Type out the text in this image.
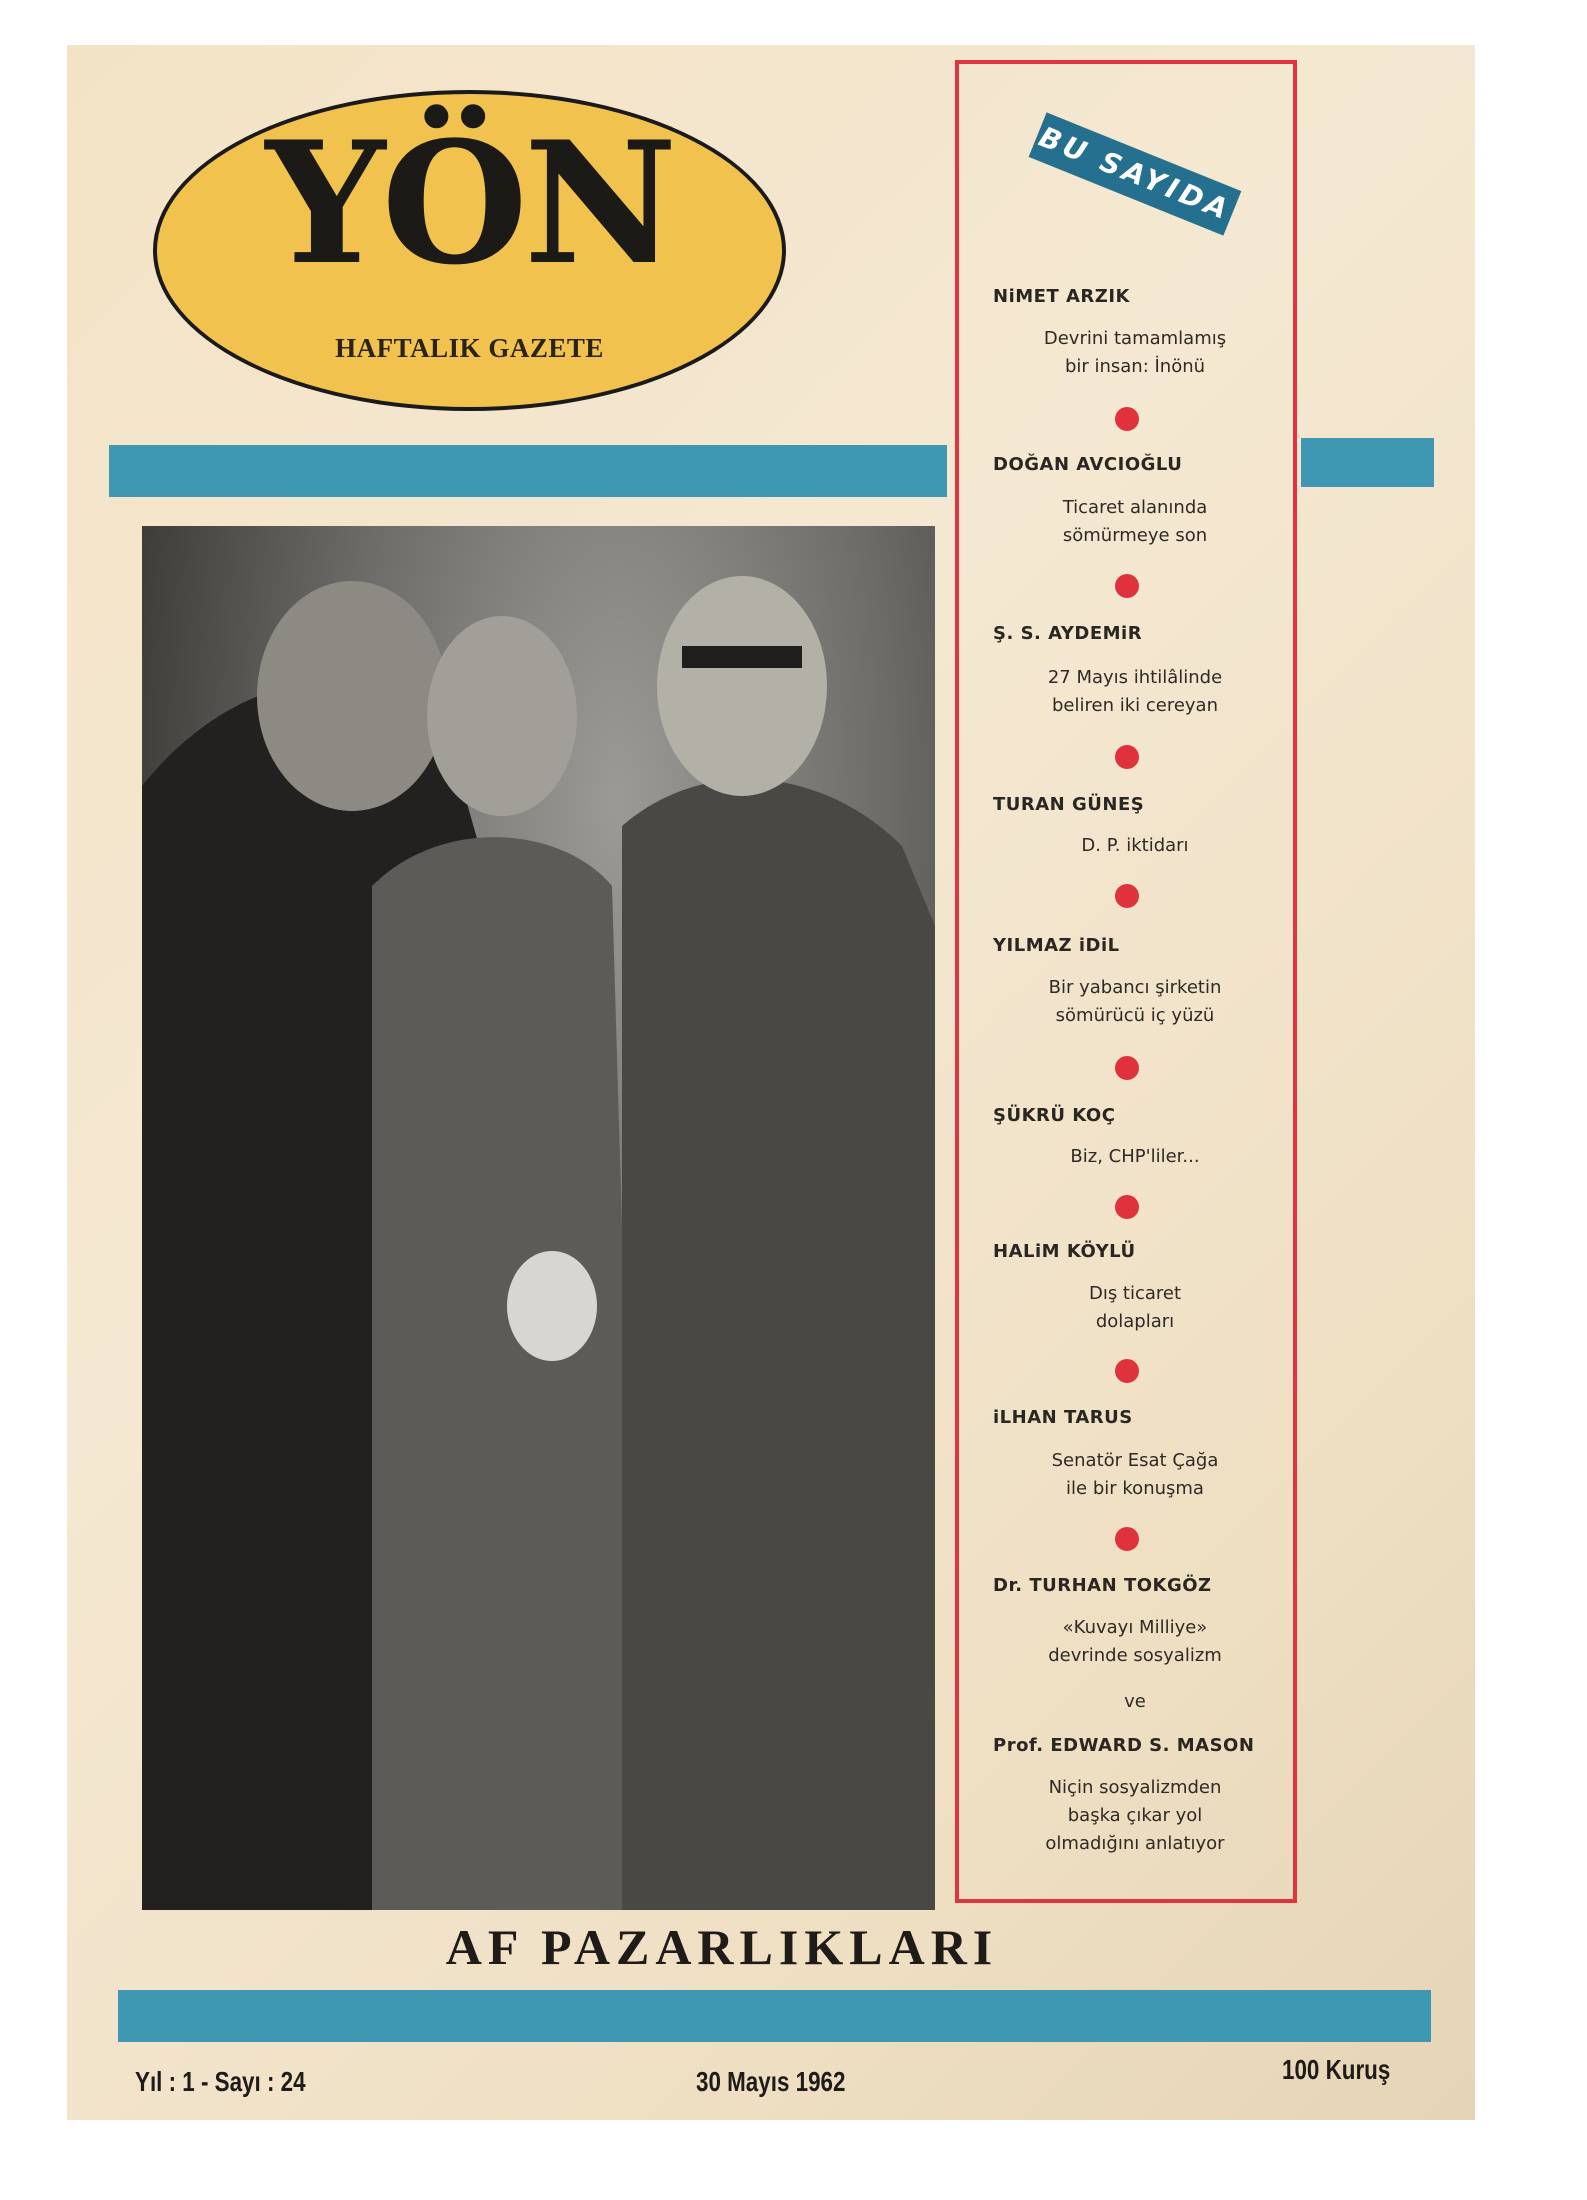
YÖN
HAFTALIK GAZETE
BU SAYIDA
NiMET ARZIK
Devrini tamamlamış
bir insan: İnönü
DOĞAN AVCIOĞLU
Ticaret alanında
sömürmeye son
Ş. S. AYDEMiR
27 Mayıs ihtilâlinde
beliren iki cereyan
TURAN GÜNEŞ
D. P. iktidarı
YILMAZ iDiL
Bir yabancı şirketin
sömürücü iç yüzü
ŞÜKRÜ KOÇ
Biz, CHP'liler...
HALiM KÖYLÜ
Dış ticaret
dolapları
iLHAN TARUS
Senatör Esat Çağa
ile bir konuşma
Dr. TURHAN TOKGÖZ
«Kuvayı Milliye»
devrinde sosyalizm
ve
Prof. EDWARD S. MASON
Niçin sosyalizmden
başka çıkar yol
olmadığını anlatıyor
AF PAZARLIKLARI
Yıl : 1 - Sayı : 24	30 Mayıs 1962	100 Kuruş
